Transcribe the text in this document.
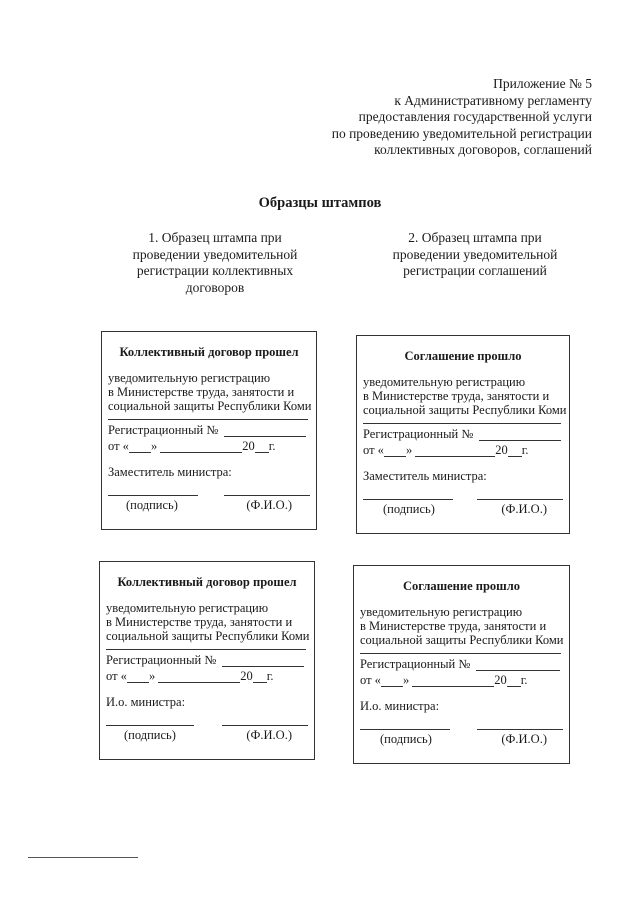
Приложение № 5
к Административному регламенту
предоставления государственной услуги
по проведению уведомительной регистрации
коллективных договоров, соглашений
Образцы штампов
1. Образец штампа при
проведении уведомительной
регистрации коллективных
договоров
2. Образец штампа при
проведении уведомительной
регистрации соглашений
Коллективный договор прошел
уведомительную регистрацию
в Министерстве труда, занятости и
социальной защиты Республики Коми
Регистрационный №
от « »	20 г.
Заместитель министра:
(подпись)	(Ф.И.О.)
Соглашение прошло
уведомительную регистрацию
в Министерстве труда, занятости и
социальной защиты Республики Коми
Регистрационный №
от « »	20 г.
Заместитель министра:
(подпись)	(Ф.И.О.)
Коллективный договор прошел
уведомительную регистрацию
в Министерстве труда, занятости и
социальной защиты Республики Коми
Регистрационный №
от « »	20 г.
И.о. министра:
(подпись)	(Ф.И.О.)
Соглашение прошло
уведомительную регистрацию
в Министерстве труда, занятости и
социальной защиты Республики Коми
Регистрационный №
от « »	20 г.
И.о. министра:
(подпись)	(Ф.И.О.)
